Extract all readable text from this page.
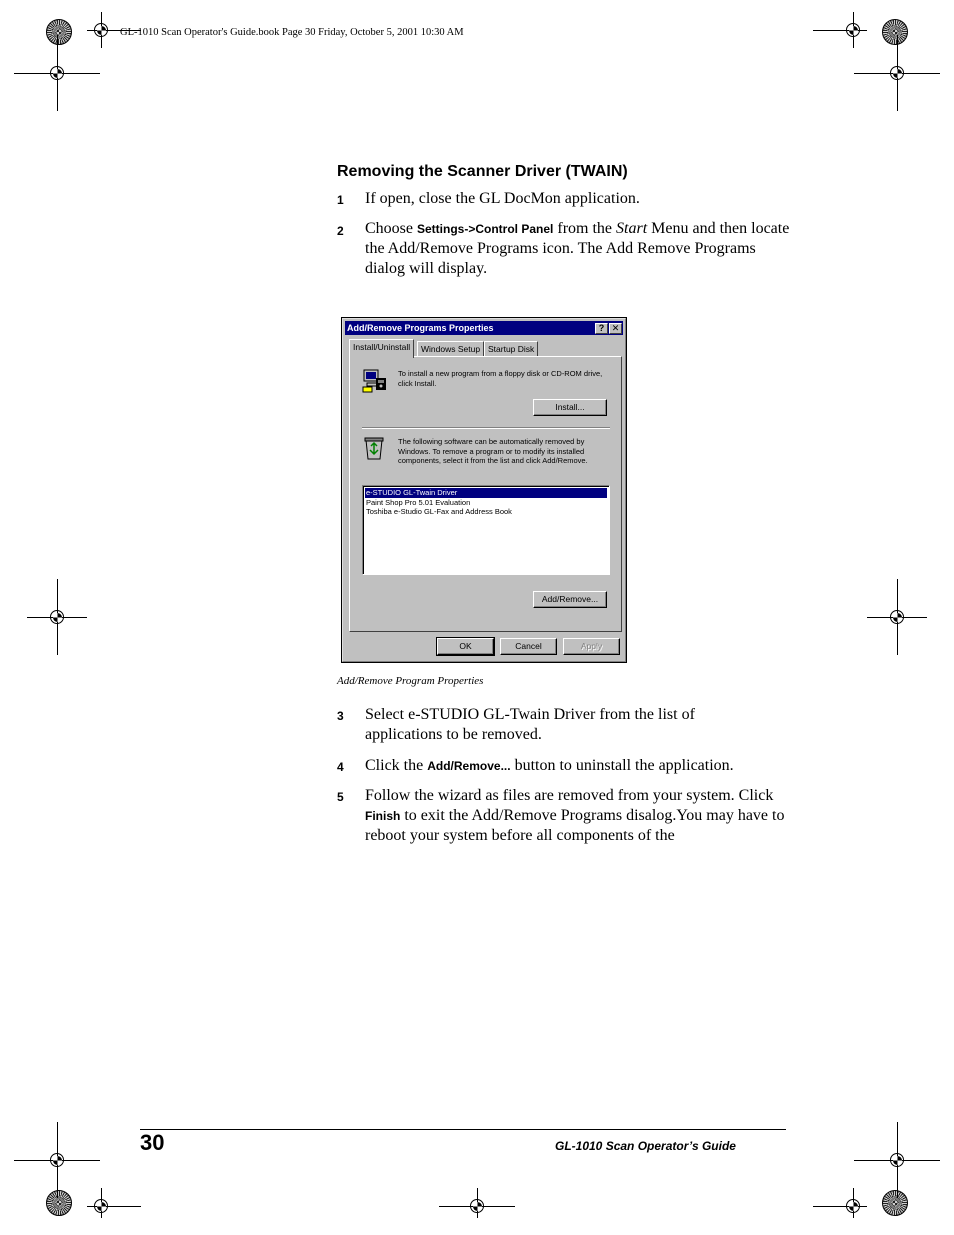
GL-1010 Scan Operator's Guide.book Page 30 Friday, October 5, 2001 10:30 AM
Removing the Scanner Driver (TWAIN)
1 If open, close the GL DocMon application.
2 Choose Settings->Control Panel from the Start Menu and then locate the Add/Remove Programs icon. The Add Remove Programs dialog will display.
Add/Remove Programs Properties	? ✕
Install/Uninstall	Windows Setup Startup Disk
To install a new program from a floppy disk or CD-ROM drive, click Install.
Install...
The following software can be automatically removed by Windows. To remove a program or to modify its installed components, select it from the list and click Add/Remove.
e-STUDIO GL-Twain Driver
Paint Shop Pro 5.01 Evaluation
Toshiba e-Studio GL-Fax and Address Book
Add/Remove...
OK	Cancel	Apply
Add/Remove Program Properties
3 Select e-STUDIO GL-Twain Driver from the list of applications to be removed.
4 Click the Add/Remove... button to uninstall the application.
5 Follow the wizard as files are removed from your system. Click Finish to exit the Add/Remove Programs disalog.You may have to reboot your system before all components of the
30	GL-1010 Scan Operator’s Guide
